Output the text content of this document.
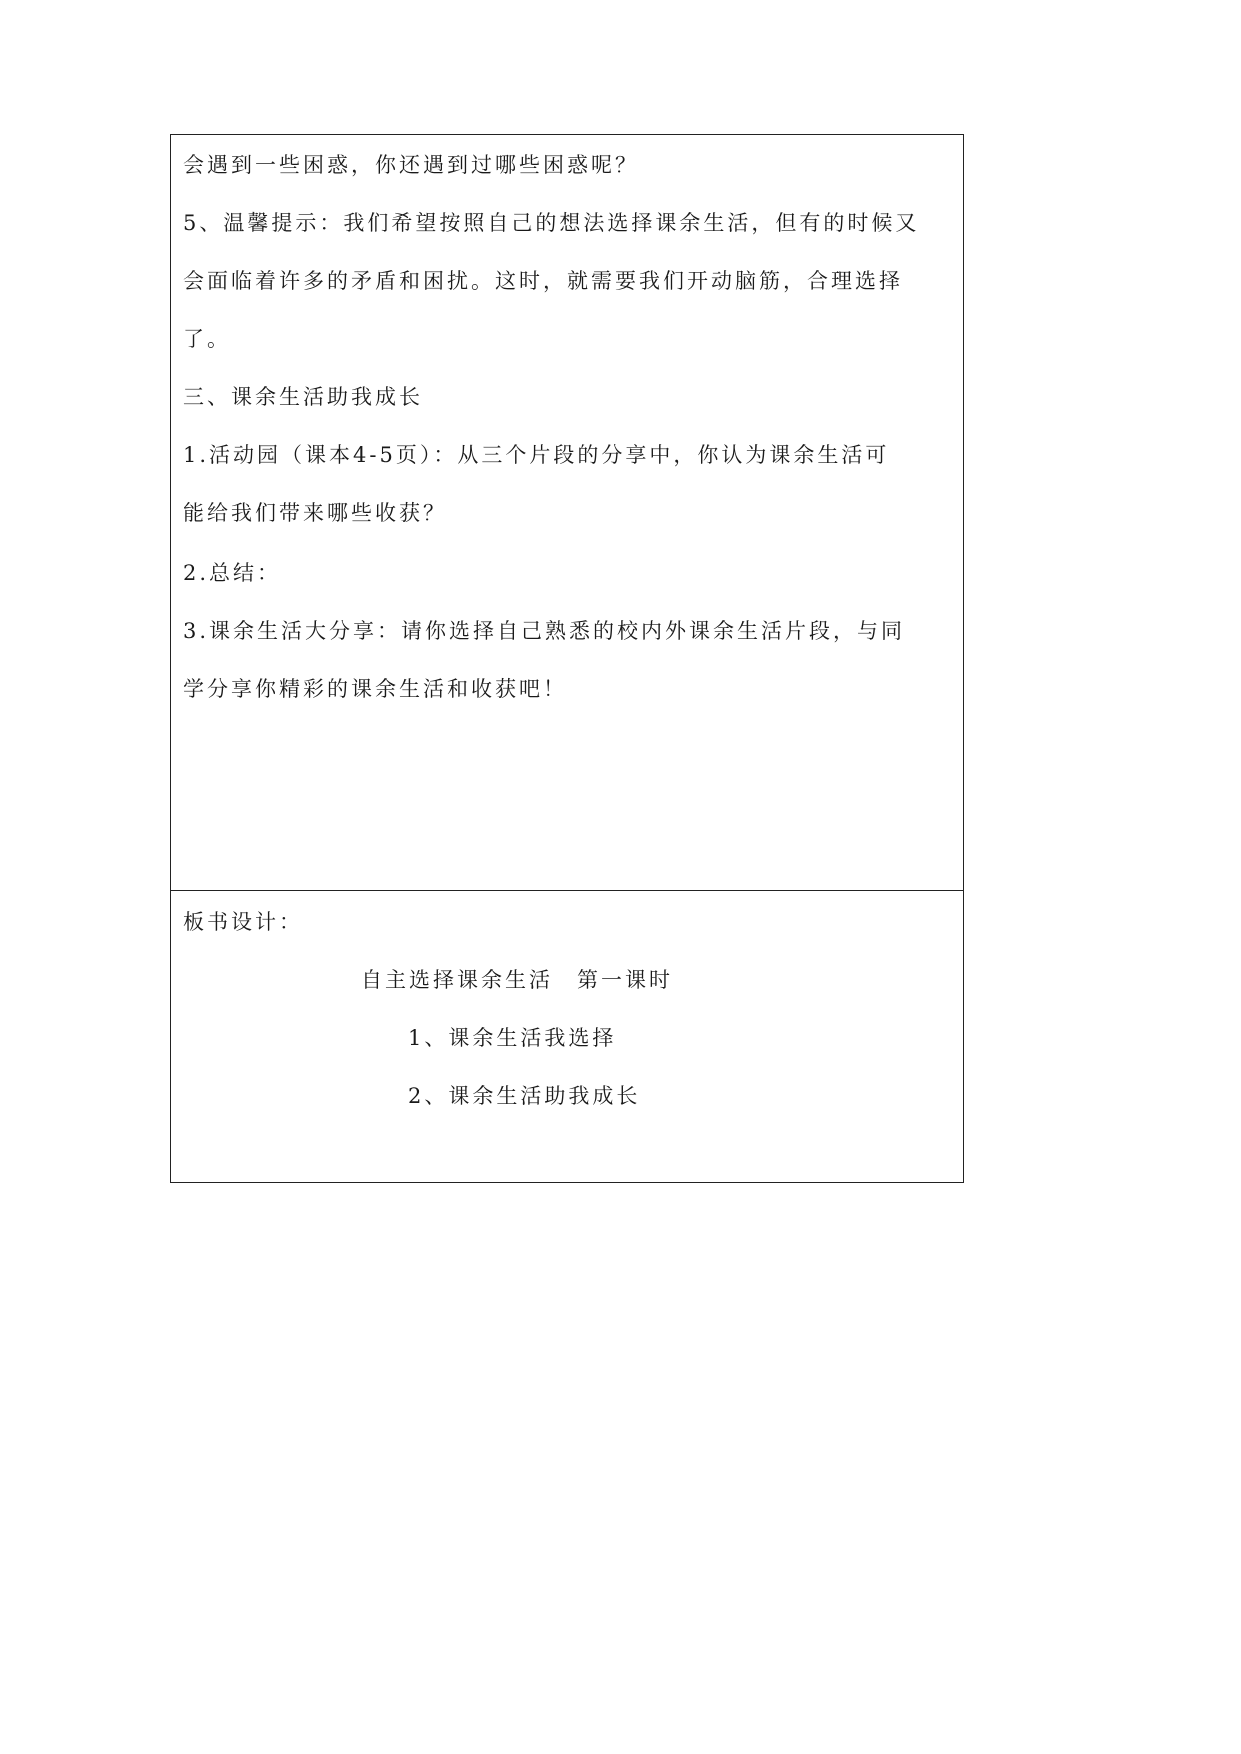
会遇到一些困惑，你还遇到过哪些困惑呢？
5、温馨提示：我们希望按照自己的想法选择课余生活，但有的时候又
会面临着许多的矛盾和困扰。这时，就需要我们开动脑筋，合理选择
了。
三、课余生活助我成长
1.活动园（课本4-5页）：从三个片段的分享中，你认为课余生活可
能给我们带来哪些收获？
2.总结：
3.课余生活大分享：请你选择自己熟悉的校内外课余生活片段，与同
学分享你精彩的课余生活和收获吧！
板书设计：
自主选择课余生活　第一课时
1、课余生活我选择
2、课余生活助我成长
